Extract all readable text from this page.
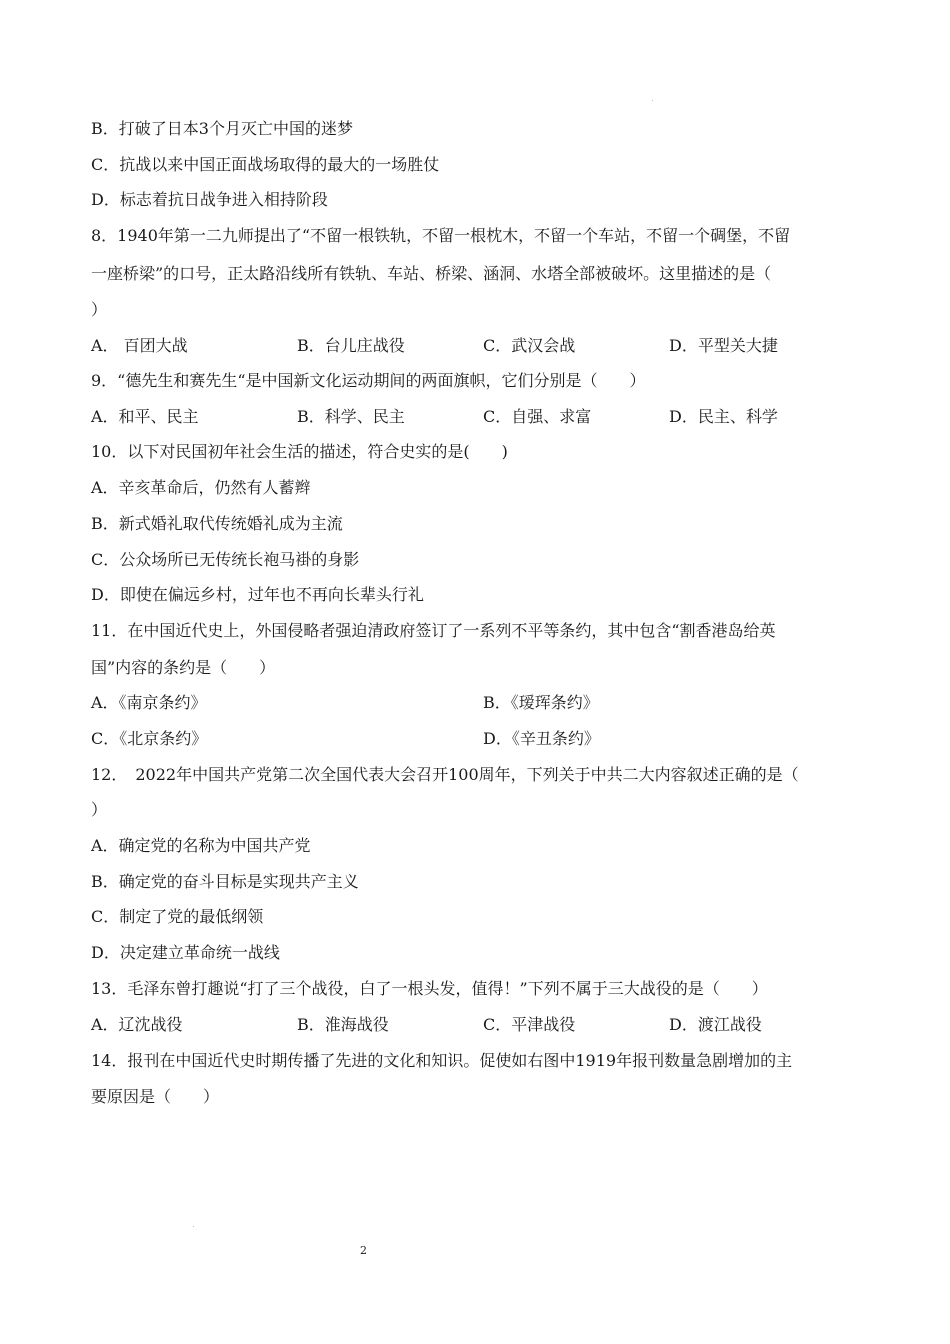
B．打破了日本3个月灭亡中国的迷梦
C．抗战以来中国正面战场取得的最大的一场胜仗
D．标志着抗日战争进入相持阶段
8．1940年第一二九师提出了“不留一根铁轨，不留一根枕木，不留一个车站，不留一个碉堡，不留
一座桥梁”的口号，正太路沿线所有铁轨、车站、桥梁、涵洞、水塔全部被破坏。这里描述的是（
）
A． 百团大战	B．台儿庄战役	C．武汉会战	D．平型关大捷
9．“德先生和赛先生“是中国新文化运动期间的两面旗帜，它们分别是（　　）
A．和平、民主	B．科学、民主	C．自强、求富	D．民主、科学
10．以下对民国初年社会生活的描述，符合史实的是(　　)
A．辛亥革命后，仍然有人蓄辫
B．新式婚礼取代传统婚礼成为主流
C．公众场所已无传统长袍马褂的身影
D．即使在偏远乡村，过年也不再向长辈头行礼
11．在中国近代史上，外国侵略者强迫清政府签订了一系列不平等条约，其中包含“割香港岛给英
国”内容的条约是（　　）
A．《南京条约》	B．《瑷珲条约》
C．《北京条约》	D．《辛丑条约》
12．　2022年中国共产党第二次全国代表大会召开100周年，下列关于中共二大内容叙述正确的是（
）
A．确定党的名称为中国共产党
B．确定党的奋斗目标是实现共产主义
C．制定了党的最低纲领
D．决定建立革命统一战线
13．毛泽东曾打趣说“打了三个战役，白了一根头发，值得！”下列不属于三大战役的是（　　）
A．辽沈战役	B．淮海战役	C．平津战役	D．渡江战役
14．报刊在中国近代史时期传播了先进的文化和知识。促使如右图中1919年报刊数量急剧增加的主
要原因是（　　）
2
